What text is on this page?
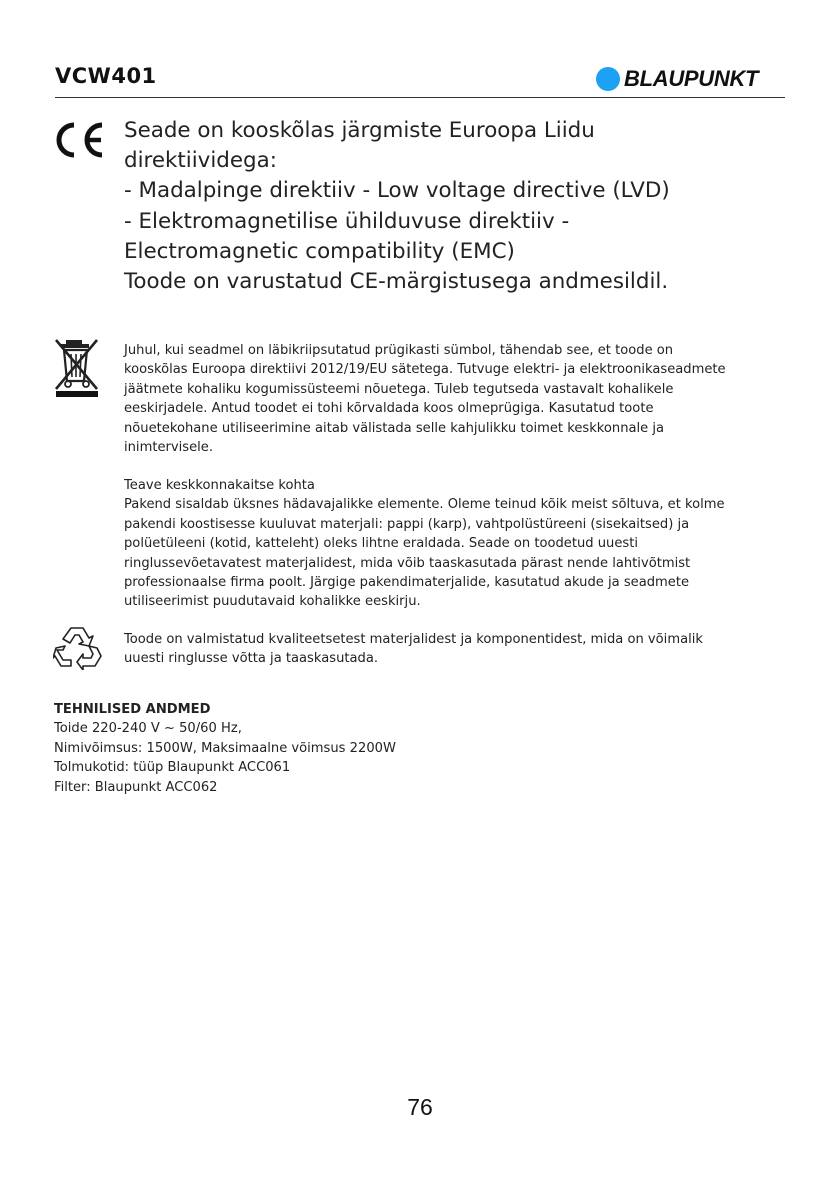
VCW401	BLAUPUNKT
Seade on kooskõlas järgmiste Euroopa Liidu
direktiividega:
- Madalpinge direktiiv - Low voltage directive (LVD)
- Elektromagnetilise ühilduvuse direktiiv -
Electromagnetic compatibility (EMC)
Toode on varustatud CE-märgistusega andmesildil.
Juhul, kui seadmel on läbikriipsutatud prügikasti sümbol, tähendab see, et toode on
kooskõlas Euroopa direktiivi 2012/19/EU sätetega. Tutvuge elektri- ja elektroonikaseadmete
jäätmete kohaliku kogumissüsteemi nõuetega. Tuleb tegutseda vastavalt kohalikele
eeskirjadele. Antud toodet ei tohi kõrvaldada koos olmeprügiga. Kasutatud toote
nõuetekohane utiliseerimine aitab välistada selle kahjulikku toimet keskkonnale ja
inimtervisele.
Teave keskkonnakaitse kohta
Pakend sisaldab üksnes hädavajalikke elemente. Oleme teinud kõik meist sõltuva, et kolme
pakendi koostisesse kuuluvat materjali: pappi (karp), vahtpolüstüreeni (sisekaitsed) ja
polüetüleeni (kotid, katteleht) oleks lihtne eraldada. Seade on toodetud uuesti
ringlussevõetavatest materjalidest, mida võib taaskasutada pärast nende lahtivõtmist
professionaalse firma poolt. Järgige pakendimaterjalide, kasutatud akude ja seadmete
utiliseerimist puudutavaid kohalikke eeskirju.
Toode on valmistatud kvaliteetsetest materjalidest ja komponentidest, mida on võimalik
uuesti ringlusse võtta ja taaskasutada.
TEHNILISED ANDMED
Toide 220-240 V ~ 50/60 Hz,
Nimivõimsus: 1500W, Maksimaalne võimsus 2200W
Tolmukotid: tüüp Blaupunkt ACC061
Filter: Blaupunkt ACC062
76
